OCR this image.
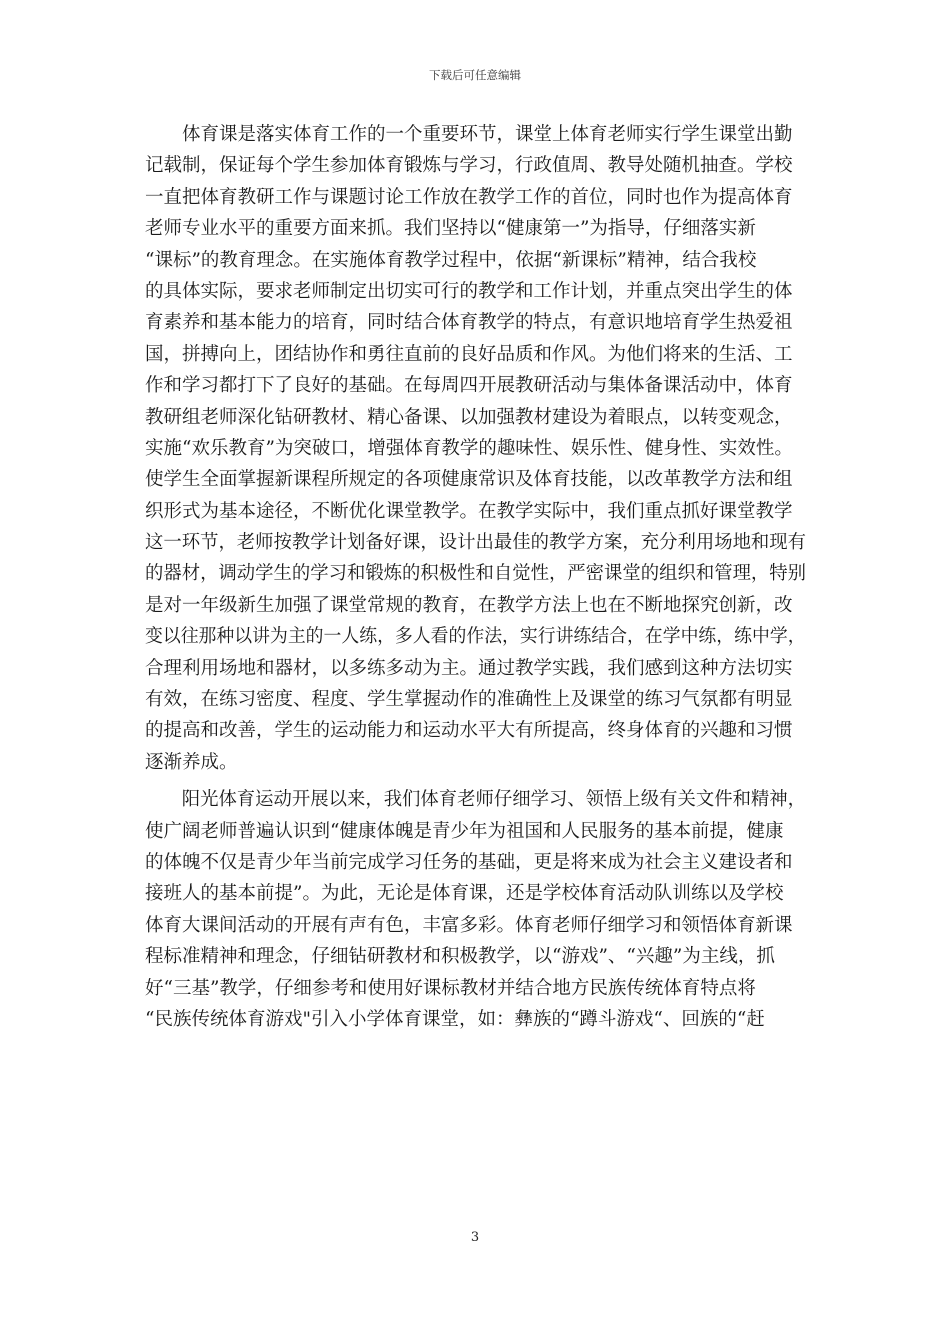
下载后可任意编辑
　　体育课是落实体育工作的一个重要环节，课堂上体育老师实行学生课堂出勤
记载制，保证每个学生参加体育锻炼与学习，行政值周、教导处随机抽查。学校
一直把体育教研工作与课题讨论工作放在教学工作的首位，同时也作为提高体育
老师专业水平的重要方面来抓。我们坚持以“健康第一”为指导，仔细落实新
“课标”的教育理念。在实施体育教学过程中，依据“新课标”精神，结合我校
的具体实际，要求老师制定出切实可行的教学和工作计划，并重点突出学生的体
育素养和基本能力的培育，同时结合体育教学的特点，有意识地培育学生热爱祖
国，拼搏向上，团结协作和勇往直前的良好品质和作风。为他们将来的生活、工
作和学习都打下了良好的基础。在每周四开展教研活动与集体备课活动中，体育
教研组老师深化钻研教材、精心备课、以加强教材建设为着眼点，以转变观念，
实施“欢乐教育”为突破口，增强体育教学的趣味性、娱乐性、健身性、实效性。
使学生全面掌握新课程所规定的各项健康常识及体育技能，以改革教学方法和组
织形式为基本途径，不断优化课堂教学。在教学实际中，我们重点抓好课堂教学
这一环节，老师按教学计划备好课，设计出最佳的教学方案，充分利用场地和现有
的器材，调动学生的学习和锻炼的积极性和自觉性，严密课堂的组织和管理，特别
是对一年级新生加强了课堂常规的教育，在教学方法上也在不断地探究创新，改
变以往那种以讲为主的一人练，多人看的作法，实行讲练结合，在学中练，练中学，
合理利用场地和器材，以多练多动为主。通过教学实践，我们感到这种方法切实
有效，在练习密度、程度、学生掌握动作的准确性上及课堂的练习气氛都有明显
的提高和改善，学生的运动能力和运动水平大有所提高，终身体育的兴趣和习惯
逐渐养成。
　　阳光体育运动开展以来，我们体育老师仔细学习、领悟上级有关文件和精神，
使广阔老师普遍认识到“健康体魄是青少年为祖国和人民服务的基本前提，健康
的体魄不仅是青少年当前完成学习任务的基础，更是将来成为社会主义建设者和
接班人的基本前提”。为此，无论是体育课，还是学校体育活动队训练以及学校
体育大课间活动的开展有声有色，丰富多彩。体育老师仔细学习和领悟体育新课
程标准精神和理念，仔细钻研教材和积极教学，以“游戏”、“兴趣”为主线，抓
好“三基”教学，仔细参考和使用好课标教材并结合地方民族传统体育特点将
“民族传统体育游戏"引入小学体育课堂，如：彝族的“蹲斗游戏“、回族的“赶
3
